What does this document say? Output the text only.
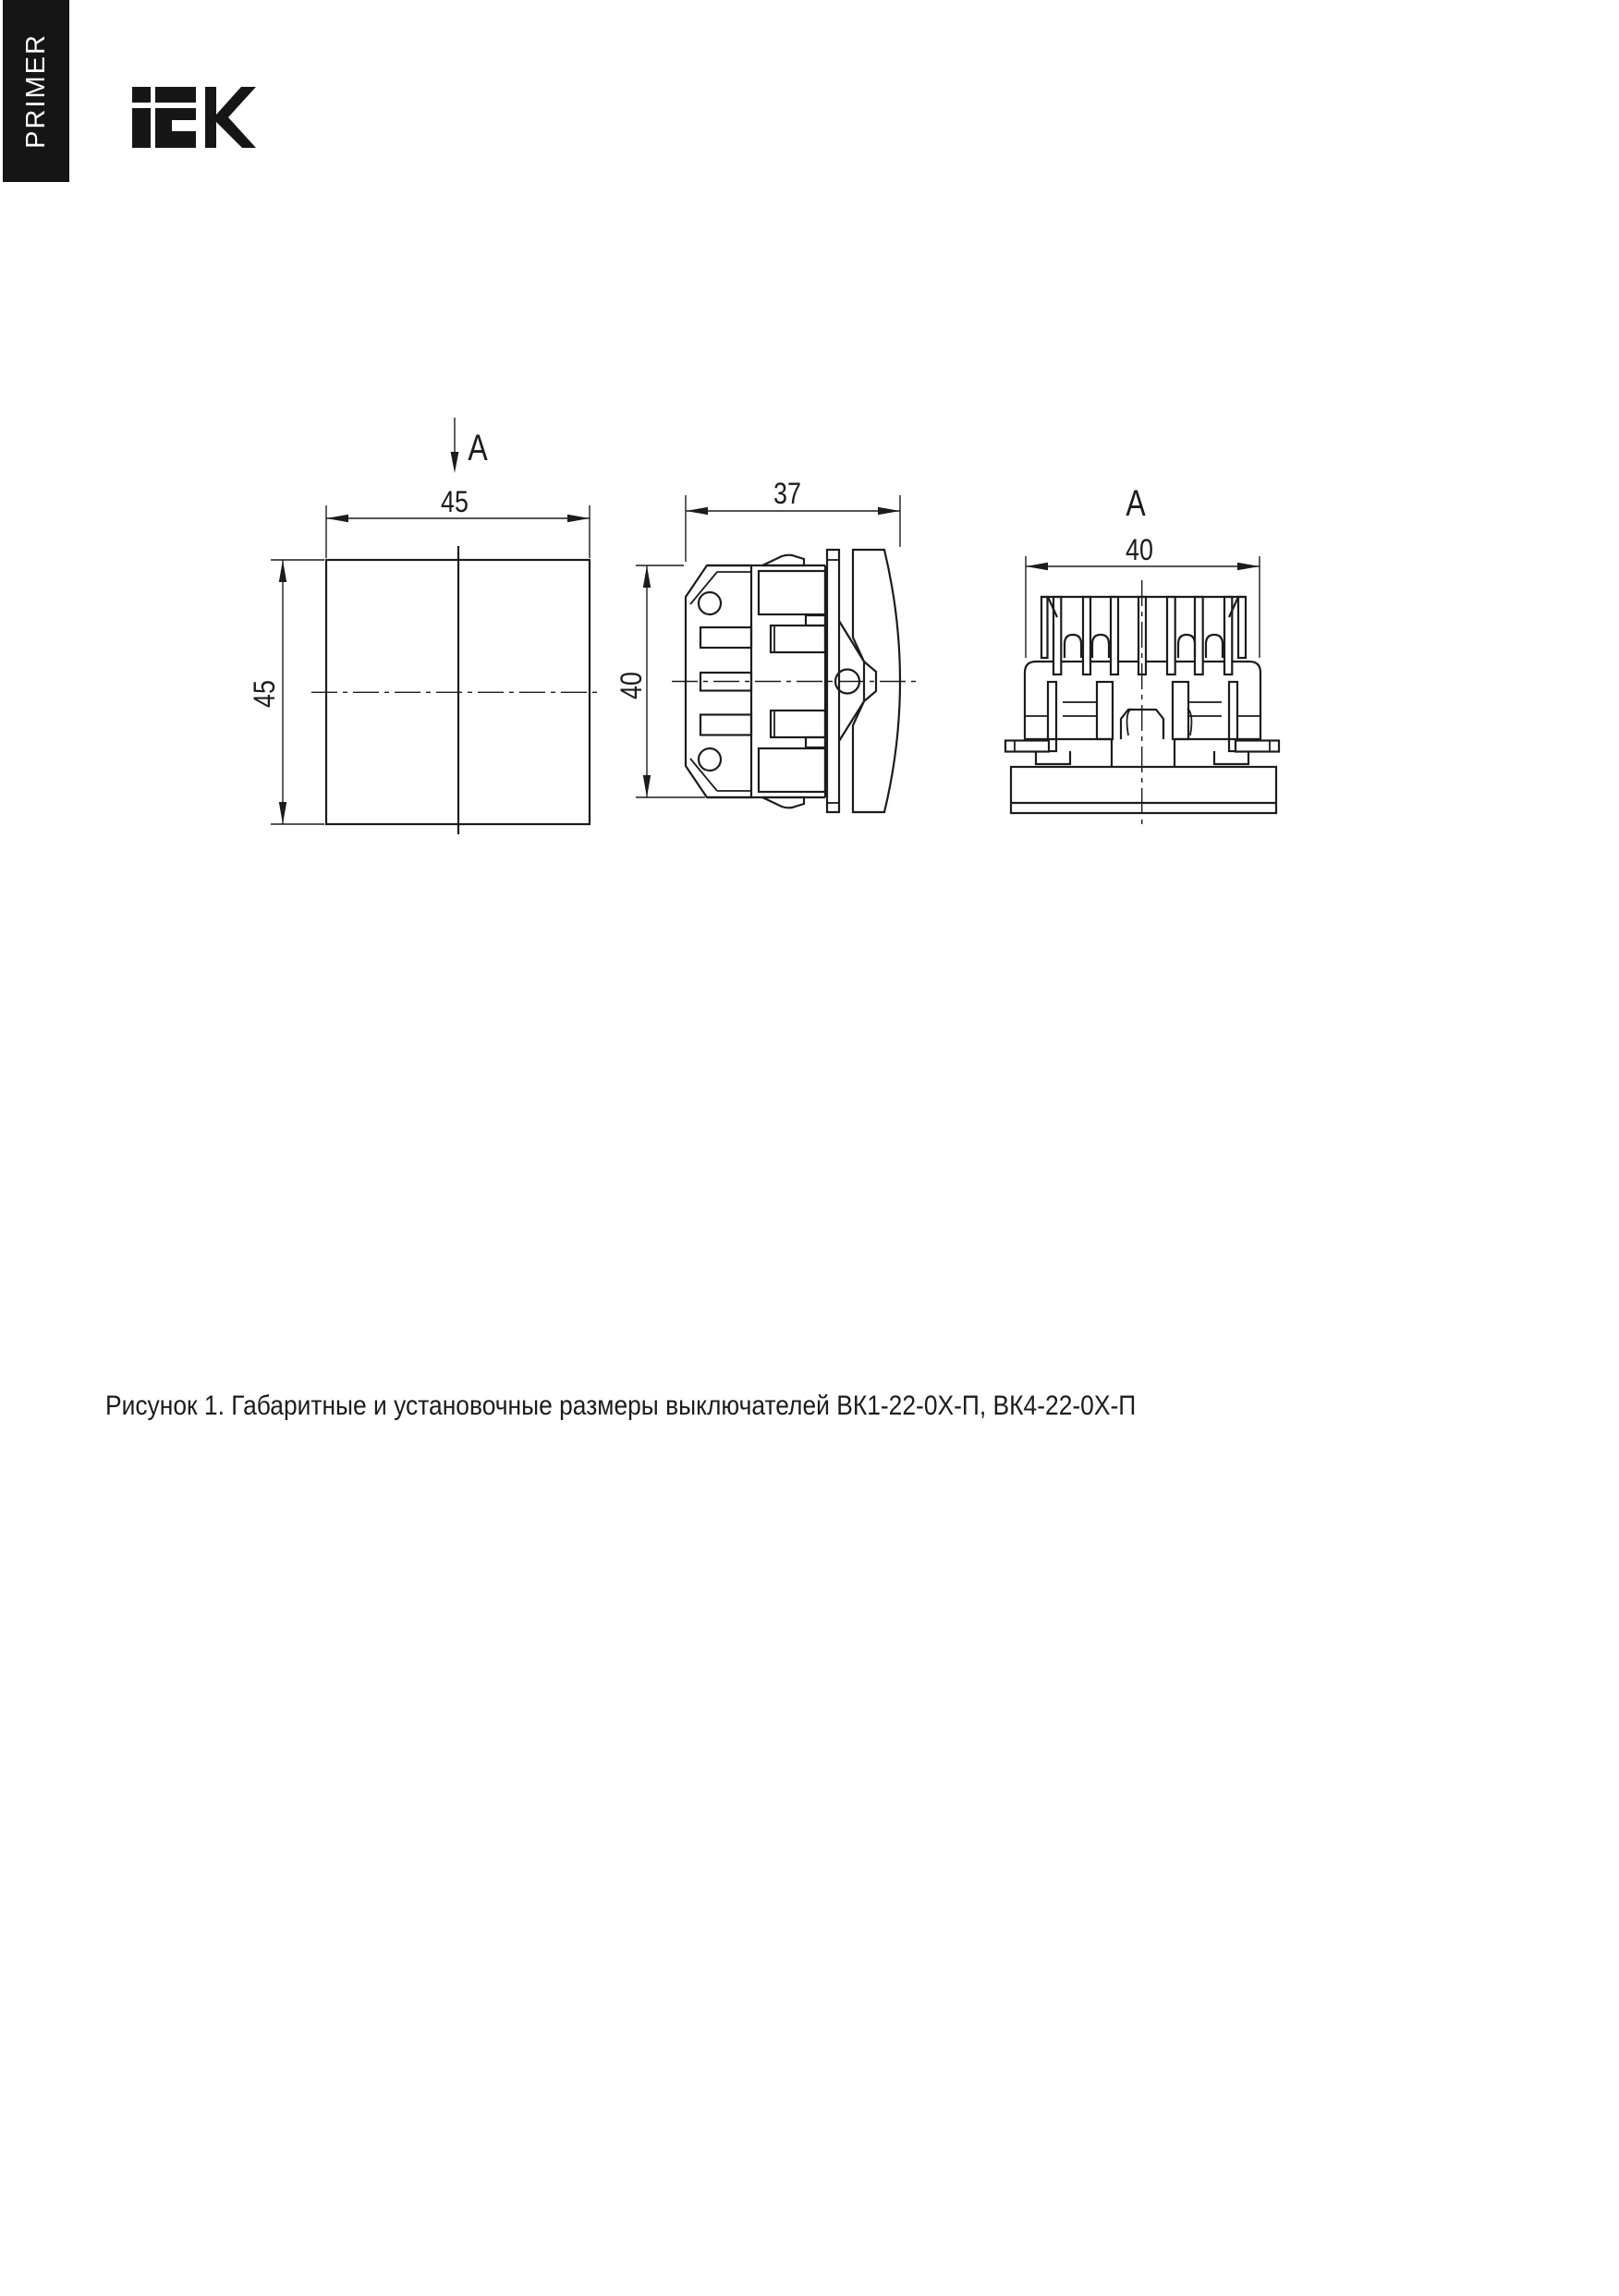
PRIMER
A
45
45
37
40
A
40
Рисунок 1. Габаритные и установочные размеры выключателей ВК1-22-0Х-П, ВК4-22-0Х-П
